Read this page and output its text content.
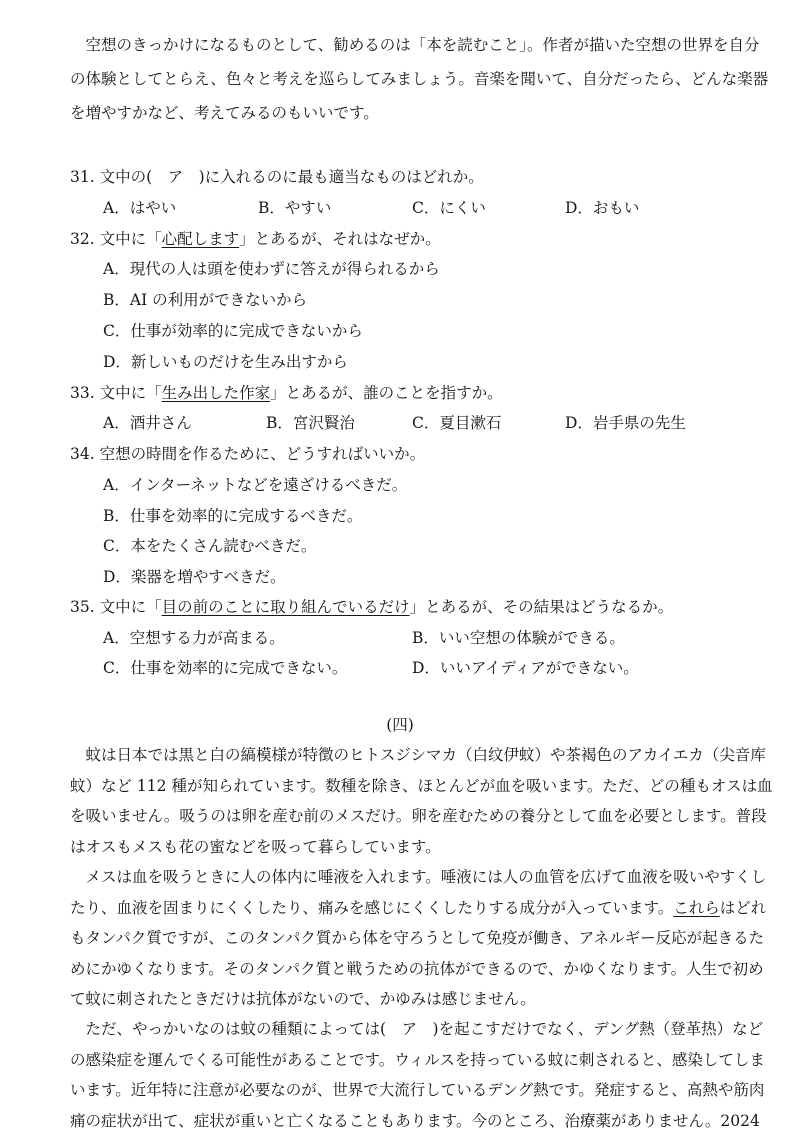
空想のきっかけになるものとして、勧めるのは「本を読むこと」。作者が描いた空想の世界を自分
の体験としてとらえ、色々と考えを巡らしてみましょう。音楽を聞いて、自分だったら、どんな楽器
を増やすかなど、考えてみるのもいいです。
31. 文中の(　ア　)に入れるのに最も適当なものはどれか。
A．はやい	B．やすい	C．にくい	D．おもい
32. 文中に「心配します」とあるが、それはなぜか。
A．現代の人は頭を使わずに答えが得られるから
B．AI の利用ができないから
C．仕事が効率的に完成できないから
D．新しいものだけを生み出すから
33. 文中に「生み出した作家」とあるが、誰のことを指すか。
A．酒井さん	B．宮沢賢治	C．夏目漱石	D．岩手県の先生
34. 空想の時間を作るために、どうすればいいか。
A．インターネットなどを遠ざけるべきだ。
B．仕事を効率的に完成するべきだ。
C．本をたくさん読むべきだ。
D．楽器を増やすべきだ。
35. 文中に「目の前のことに取り組んでいるだけ」とあるが、その結果はどうなるか。
A．空想する力が高まる。	B．いい空想の体験ができる。
C．仕事を効率的に完成できない。	D．いいアイディアができない。
(四)
蚊は日本では黒と白の縞模様が特徴のヒトスジシマカ（白纹伊蚊）や茶褐色のアカイエカ（尖音库
蚊）など 112 種が知られています。数種を除き、ほとんどが血を吸います。ただ、どの種もオスは血
を吸いません。吸うのは卵を産む前のメスだけ。卵を産むための養分として血を必要とします。普段
はオスもメスも花の蜜などを吸って暮らしています。
メスは血を吸うときに人の体内に唾液を入れます。唾液には人の血管を広げて血液を吸いやすくし
たり、血液を固まりにくくしたり、痛みを感じにくくしたりする成分が入っています。これらはどれ
もタンパク質ですが、このタンパク質から体を守ろうとして免疫が働き、アネルギー反応が起きるた
めにかゆくなります。そのタンパク質と戦うための抗体ができるので、かゆくなります。人生で初め
て蚊に刺されたときだけは抗体がないので、かゆみは感じません。
ただ、やっかいなのは蚊の種類によっては(　ア　)を起こすだけでなく、デング熱（登革热）など
の感染症を運んでくる可能性があることです。ウィルスを持っている蚊に刺されると、感染してしま
います。近年特に注意が必要なのが、世界で大流行しているデング熱です。発症すると、高熱や筋肉
痛の症状が出て、症状が重いと亡くなることもあります。今のところ、治療薬がありません。2024
